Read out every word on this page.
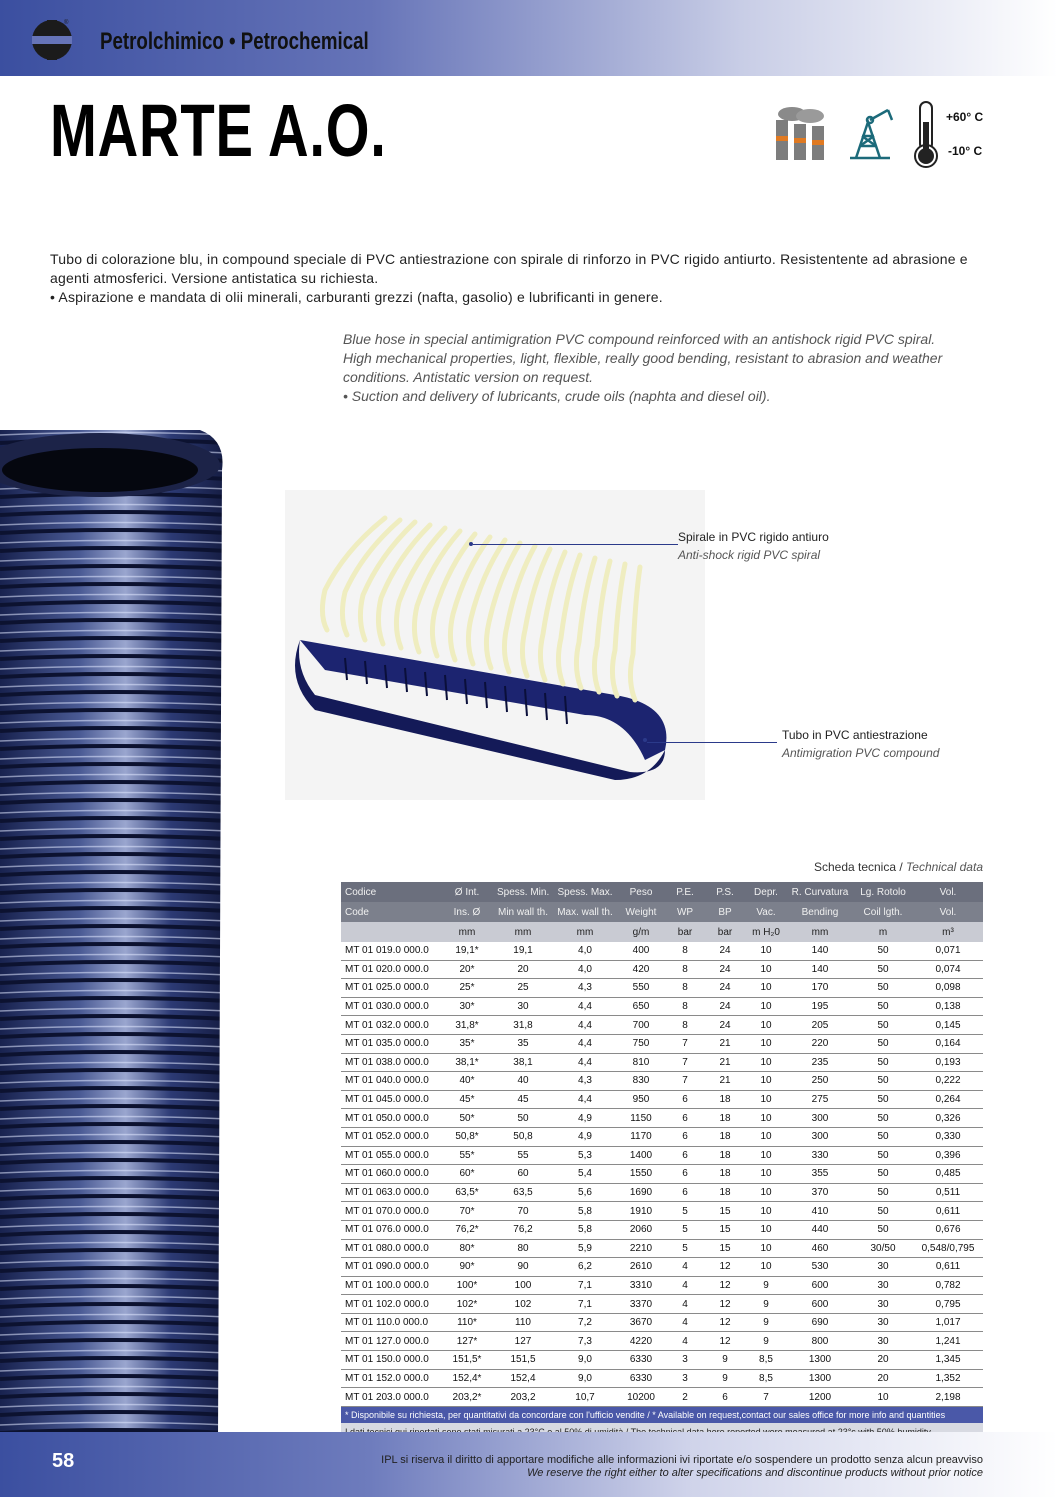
®
Petrolchimico • Petrochemical
MARTE A.O.	+60° C
-10° C

Tubo di colorazione blu, in compound speciale di PVC antiestrazione con spirale di rinforzo in PVC rigido antiurto. Resistentente ad abrasione e agenti atmosferici. Versione antistatica su richiesta.

• Aspirazione e mandata di olii minerali, carburanti grezzi (nafta, gasolio) e lubrificanti in genere.

Blue hose in special antimigration PVC compound reinforced with an antishock rigid PVC spiral.

High mechanical properties, light, flexible, really good bending, resistant to abrasion and weather conditions. Antistatic version on request.

• Suction and delivery of lubricants, crude oils (naphta and diesel oil).

Spirale in PVC rigido antiuro
Anti-shock rigid PVC spiral
Tubo in PVC antiestrazione
Antimigration PVC compound
Scheda tecnica / Technical data
Codice	Ø Int.	Spess. Min.	Spess. Max.	Peso	P.E.	P.S.	Depr.	R. Curvatura	Lg. Rotolo	Vol.
Code	Ins. Ø	Min wall th.	Max. wall th.	Weight	WP	BP	Vac.	Bending	Coil lgth.	Vol.
	mm	mm	mm	g/m	bar	bar	m H₂0	mm	m	m³
MT 01 019.0 000.0	19,1*	19,1	4,0	400	8	24	10	140	50	0,071
MT 01 020.0 000.0	20*	20	4,0	420	8	24	10	140	50	0,074
MT 01 025.0 000.0	25*	25	4,3	550	8	24	10	170	50	0,098
MT 01 030.0 000.0	30*	30	4,4	650	8	24	10	195	50	0,138
MT 01 032.0 000.0	31,8*	31,8	4,4	700	8	24	10	205	50	0,145
MT 01 035.0 000.0	35*	35	4,4	750	7	21	10	220	50	0,164
MT 01 038.0 000.0	38,1*	38,1	4,4	810	7	21	10	235	50	0,193
MT 01 040.0 000.0	40*	40	4,3	830	7	21	10	250	50	0,222
MT 01 045.0 000.0	45*	45	4,4	950	6	18	10	275	50	0,264
MT 01 050.0 000.0	50*	50	4,9	1150	6	18	10	300	50	0,326
MT 01 052.0 000.0	50,8*	50,8	4,9	1170	6	18	10	300	50	0,330
MT 01 055.0 000.0	55*	55	5,3	1400	6	18	10	330	50	0,396
MT 01 060.0 000.0	60*	60	5,4	1550	6	18	10	355	50	0,485
MT 01 063.0 000.0	63,5*	63,5	5,6	1690	6	18	10	370	50	0,511
MT 01 070.0 000.0	70*	70	5,8	1910	5	15	10	410	50	0,611
MT 01 076.0 000.0	76,2*	76,2	5,8	2060	5	15	10	440	50	0,676
MT 01 080.0 000.0	80*	80	5,9	2210	5	15	10	460	30/50	0,548/0,795
MT 01 090.0 000.0	90*	90	6,2	2610	4	12	10	530	30	0,611
MT 01 100.0 000.0	100*	100	7,1	3310	4	12	9	600	30	0,782
MT 01 102.0 000.0	102*	102	7,1	3370	4	12	9	600	30	0,795
MT 01 110.0 000.0	110*	110	7,2	3670	4	12	9	690	30	1,017
MT 01 127.0 000.0	127*	127	7,3	4220	4	12	9	800	30	1,241
MT 01 150.0 000.0	151,5*	151,5	9,0	6330	3	9	8,5	1300	20	1,345
MT 01 152.0 000.0	152,4*	152,4	9,0	6330	3	9	8,5	1300	20	1,352
MT 01 203.0 000.0	203,2*	203,2	10,7	10200	2	6	7	1200	10	2,198
* Disponibile su richiesta, per quantitativi da concordare con l'ufficio vendite / * Available on request,contact our sales office for more info and quantities										

58	IPL si riserva il diritto di apportare modifiche alle informazioni ivi riportate e/o sospendere un prodotto senza alcun preavviso
We reserve the right either to alter specifications and discontinue products without prior notice
